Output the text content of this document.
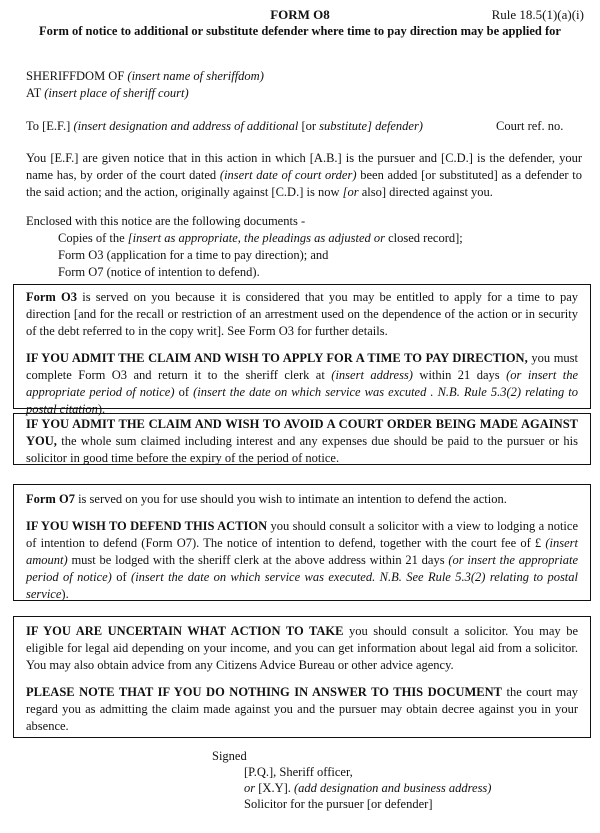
FORM O8	Rule 18.5(1)(a)(i)
Form of notice to additional or substitute defender where time to pay direction may be applied for
SHERIFFDOM OF (insert name of sheriffdom)
AT (insert place of sheriff court)
To [E.F.] (insert designation and address of additional [or substitute] defender)	Court ref. no.
You [E.F.] are given notice that in this action in which [A.B.] is the pursuer and [C.D.] is the defender, your name has, by order of the court dated (insert date of court order) been added [or substituted] as a defender to the said action; and the action, originally against [C.D.] is now [or also] directed against you.
Enclosed with this notice are the following documents -
Copies of the [insert as appropriate, the pleadings as adjusted or closed record];
Form O3 (application for a time to pay direction); and
Form O7 (notice of intention to defend).

Form O3 is served on you because it is considered that you may be entitled to apply for a time to pay direction [and for the recall or restriction of an arrestment used on the dependence of the action or in security of the debt referred to in the copy writ]. See Form O3 for further details.

IF YOU ADMIT THE CLAIM AND WISH TO APPLY FOR A TIME TO PAY DIRECTION, you must complete Form O3 and return it to the sheriff clerk at (insert address) within 21 days (or insert the appropriate period of notice) of (insert the date on which service was excuted . N.B. Rule 5.3(2) relating to postal citation).

IF YOU ADMIT THE CLAIM AND WISH TO AVOID A COURT ORDER BEING MADE AGAINST YOU, the whole sum claimed including interest and any expenses due should be paid to the pursuer or his solicitor in good time before the expiry of the period of notice.

Form O7 is served on you for use should you wish to intimate an intention to defend the action.

IF YOU WISH TO DEFEND THIS ACTION you should consult a solicitor with a view to lodging a notice of intention to defend (Form O7). The notice of intention to defend, together with the court fee of £ (insert amount) must be lodged with the sheriff clerk at the above address within 21 days (or insert the appropriate period of notice) of (insert the date on which service was executed. N.B. See Rule 5.3(2) relating to postal service).

IF YOU ARE UNCERTAIN WHAT ACTION TO TAKE you should consult a solicitor. You may be eligible for legal aid depending on your income, and you can get information about legal aid from a solicitor. You may also obtain advice from any Citizens Advice Bureau or other advice agency.

PLEASE NOTE THAT IF YOU DO NOTHING IN ANSWER TO THIS DOCUMENT the court may regard you as admitting the claim made against you and the pursuer may obtain decree against you in your absence.

Signed
[P.Q.], Sheriff officer,
or [X.Y]. (add designation and business address)
Solicitor for the pursuer [or defender]
